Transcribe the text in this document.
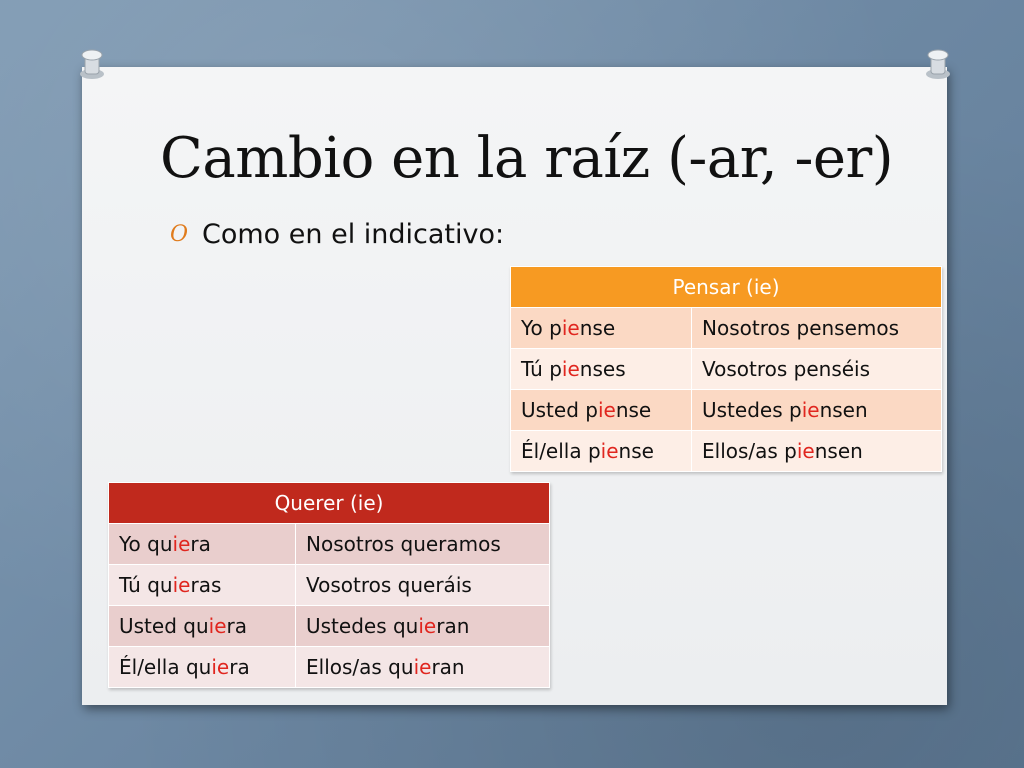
Cambio en la raíz (-ar, -er)
O Como en el indicativo:
Pensar (ie)	
Yo piense	Nosotros pensemos
Tú pienses	Vosotros penséis
Usted piense	Ustedes piensen
Él/ella piense	Ellos/as piensen
Querer (ie)	
Yo quiera	Nosotros queramos
Tú quieras	Vosotros queráis
Usted quiera	Ustedes quieran
Él/ella quiera	Ellos/as quieran
